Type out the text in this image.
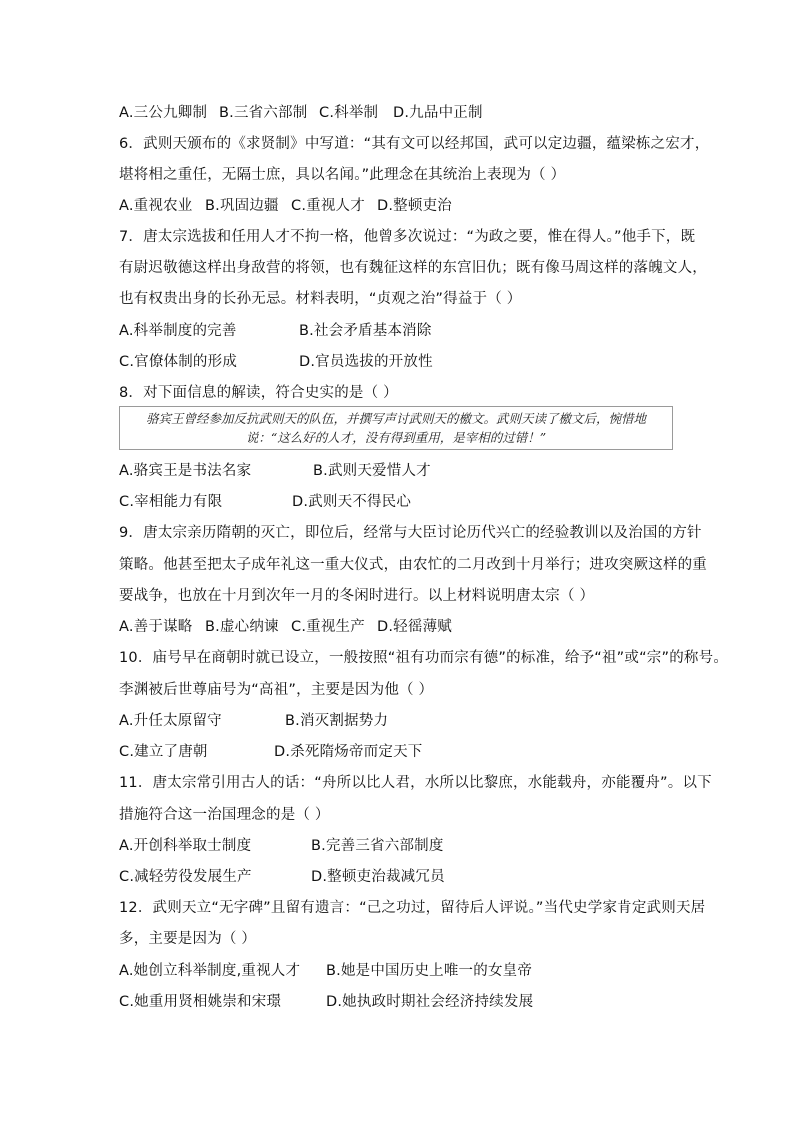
A.三公九卿制 B.三省六部制 C.科举制 D.九品中正制
6．武则天颁布的《求贤制》中写道：“其有文可以经邦国，武可以定边疆，蕴梁栋之宏才，
堪将相之重任，无隔士庶，具以名闻。”此理念在其统治上表现为（ ）
A.重视农业 B.巩固边疆 C.重视人才 D.整顿吏治
7．唐太宗选拔和任用人才不拘一格，他曾多次说过：“为政之要，惟在得人。”他手下，既
有尉迟敬德这样出身敌营的将领，也有魏征这样的东宫旧仇；既有像马周这样的落魄文人，
也有权贵出身的长孙无忌。材料表明，“贞观之治”得益于（ ）
A.科举制度的完善	B.社会矛盾基本消除
C.官僚体制的形成	D.官员选拔的开放性
8．对下面信息的解读，符合史实的是（ ）
骆宾王曾经参加反抗武则天的队伍，并撰写声讨武则天的檄文。武则天读了檄文后，惋惜地
说：“这么好的人才，没有得到重用，是宰相的过错！”
A.骆宾王是书法名家	B.武则天爱惜人才
C.宰相能力有限	D.武则天不得民心
9．唐太宗亲历隋朝的灭亡，即位后，经常与大臣讨论历代兴亡的经验教训以及治国的方针
策略。他甚至把太子成年礼这一重大仪式，由农忙的二月改到十月举行；进攻突厥这样的重
要战争，也放在十月到次年一月的冬闲时进行。以上材料说明唐太宗（ ）
A.善于谋略 B.虚心纳谏 C.重视生产 D.轻徭薄赋
10．庙号早在商朝时就已设立，一般按照“祖有功而宗有德”的标准，给予“祖”或“宗”的称号。
李渊被后世尊庙号为“高祖”，主要是因为他（ ）
A.升任太原留守	B.消灭割据势力
C.建立了唐朝	D.杀死隋炀帝而定天下
11．唐太宗常引用古人的话：“舟所以比人君，水所以比黎庶，水能载舟，亦能覆舟”。以下
措施符合这一治国理念的是（ ）
A.开创科举取士制度	B.完善三省六部制度
C.减轻劳役发展生产	D.整顿吏治裁减冗员
12．武则天立“无字碑”且留有遗言：“己之功过，留待后人评说。”当代史学家肯定武则天居
多，主要是因为（ ）
A.她创立科举制度,重视人才 B.她是中国历史上唯一的女皇帝
C.她重用贤相姚崇和宋璟	D.她执政时期社会经济持续发展
